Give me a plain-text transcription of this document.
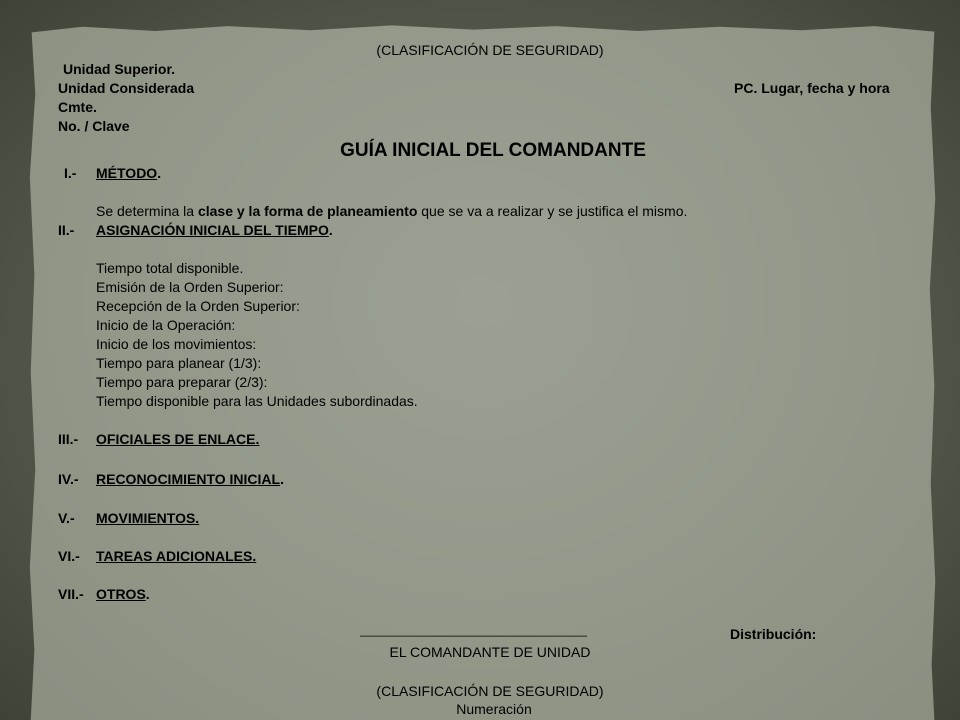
(CLASIFICACIÓN DE SEGURIDAD)
Unidad Superior.
Unidad Considerada	PC. Lugar, fecha y hora
Cmte.
No. / Clave
GUÍA INICIAL DEL COMANDANTE
I.- MÉTODO.
Se determina la clase y la forma de planeamiento que se va a realizar y se justifica el mismo.
II.- ASIGNACIÓN INICIAL DEL TIEMPO.
Tiempo total disponible.
Emisión de la Orden Superior:
Recepción de la Orden Superior:
Inicio de la Operación:
Inicio de los movimientos:
Tiempo para planear (1/3):
Tiempo para preparar (2/3):
Tiempo disponible para las Unidades subordinadas.
III.- OFICIALES DE ENLACE.
IV.- RECONOCIMIENTO INICIAL.
V.- MOVIMIENTOS.
VI.- TAREAS ADICIONALES.
VII.- OTROS.
__________________________________	Distribución:
EL COMANDANTE DE UNIDAD
(CLASIFICACIÓN DE SEGURIDAD)
Numeración
